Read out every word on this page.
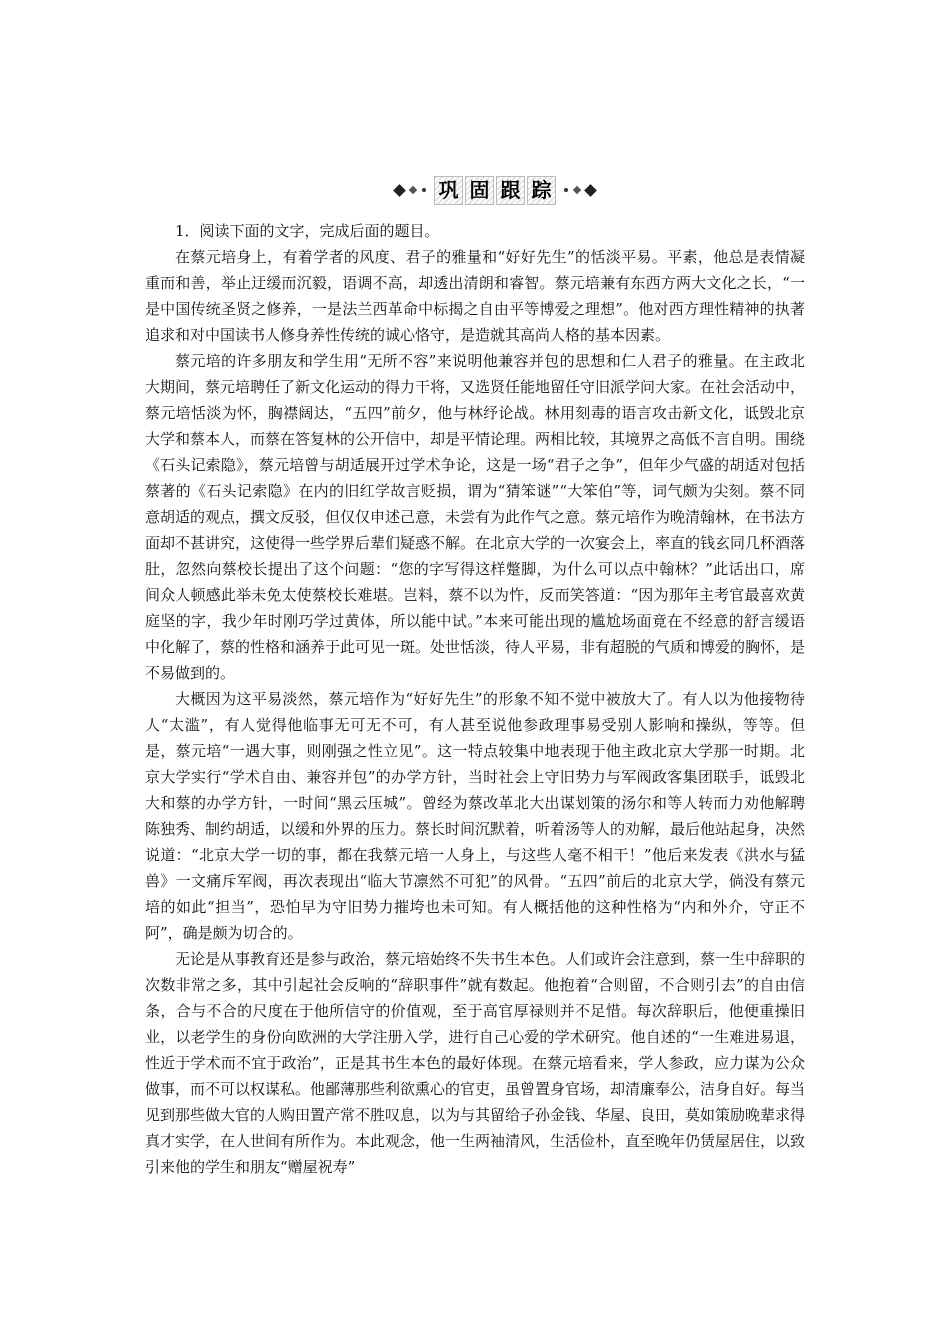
巩 固 跟 踪

1．阅读下面的文字，完成后面的题目。

在蔡元培身上，有着学者的风度、君子的雅量和“好好先生”的恬淡平易。平素，他总是表情凝重而和善，举止迂缓而沉毅，语调不高，却透出清朗和睿智。蔡元培兼有东西方两大文化之长，“一是中国传统圣贤之修养，一是法兰西革命中标揭之自由平等博爱之理想”。他对西方理性精神的执著追求和对中国读书人修身养性传统的诚心恪守，是造就其高尚人格的基本因素。

蔡元培的许多朋友和学生用“无所不容”来说明他兼容并包的思想和仁人君子的雅量。在主政北大期间，蔡元培聘任了新文化运动的得力干将，又选贤任能地留任守旧派学问大家。在社会活动中，蔡元培恬淡为怀，胸襟阔达，“五四”前夕，他与林纾论战。林用刻毒的语言攻击新文化，诋毁北京大学和蔡本人，而蔡在答复林的公开信中，却是平情论理。两相比较，其境界之高低不言自明。围绕《石头记索隐》，蔡元培曾与胡适展开过学术争论，这是一场“君子之争”，但年少气盛的胡适对包括蔡著的《石头记索隐》在内的旧红学故言贬损，谓为“猜笨谜”“大笨伯”等，词气颇为尖刻。蔡不同意胡适的观点，撰文反驳，但仅仅申述己意，未尝有为此作气之意。蔡元培作为晚清翰林，在书法方面却不甚讲究，这使得一些学界后辈们疑惑不解。在北京大学的一次宴会上，率直的钱玄同几杯酒落肚，忽然向蔡校长提出了这个问题：“您的字写得这样蹩脚，为什么可以点中翰林？”此话出口，席间众人顿感此举未免太使蔡校长难堪。岂料，蔡不以为忤，反而笑答道：“因为那年主考官最喜欢黄庭坚的字，我少年时刚巧学过黄体，所以能中试。”本来可能出现的尴尬场面竟在不经意的舒言缓语中化解了，蔡的性格和涵养于此可见一斑。处世恬淡，待人平易，非有超脱的气质和博爱的胸怀，是不易做到的。

大概因为这平易淡然，蔡元培作为“好好先生”的形象不知不觉中被放大了。有人以为他接物待人“太滥”，有人觉得他临事无可无不可，有人甚至说他参政理事易受别人影响和操纵，等等。但是，蔡元培“一遇大事，则刚强之性立见”。这一特点较集中地表现于他主政北京大学那一时期。北京大学实行“学术自由、兼容并包”的办学方针，当时社会上守旧势力与军阀政客集团联手，诋毁北大和蔡的办学方针，一时间“黑云压城”。曾经为蔡改革北大出谋划策的汤尔和等人转而力劝他解聘陈独秀、制约胡适，以缓和外界的压力。蔡长时间沉默着，听着汤等人的劝解，最后他站起身，决然说道：“北京大学一切的事，都在我蔡元培一人身上，与这些人毫不相干！”他后来发表《洪水与猛兽》一文痛斥军阀，再次表现出“临大节凛然不可犯”的风骨。“五四”前后的北京大学，倘没有蔡元培的如此“担当”，恐怕早为守旧势力摧垮也未可知。有人概括他的这种性格为“内和外介，守正不阿”，确是颇为切合的。

无论是从事教育还是参与政治，蔡元培始终不失书生本色。人们或许会注意到，蔡一生中辞职的次数非常之多，其中引起社会反响的“辞职事件”就有数起。他抱着“合则留，不合则引去”的自由信条，合与不合的尺度在于他所信守的价值观，至于高官厚禄则并不足惜。每次辞职后，他便重操旧业，以老学生的身份向欧洲的大学注册入学，进行自己心爱的学术研究。他自述的“一生难进易退，性近于学术而不宜于政治”，正是其书生本色的最好体现。在蔡元培看来，学人参政，应力谋为公众做事，而不可以权谋私。他鄙薄那些利欲熏心的官吏，虽曾置身官场，却清廉奉公，洁身自好。每当见到那些做大官的人购田置产常不胜叹息，以为与其留给子孙金钱、华屋、良田，莫如策励晚辈求得真才实学，在人世间有所作为。本此观念，他一生两袖清风，生活俭朴，直至晚年仍赁屋居住，以致引来他的学生和朋友“赠屋祝寿”
